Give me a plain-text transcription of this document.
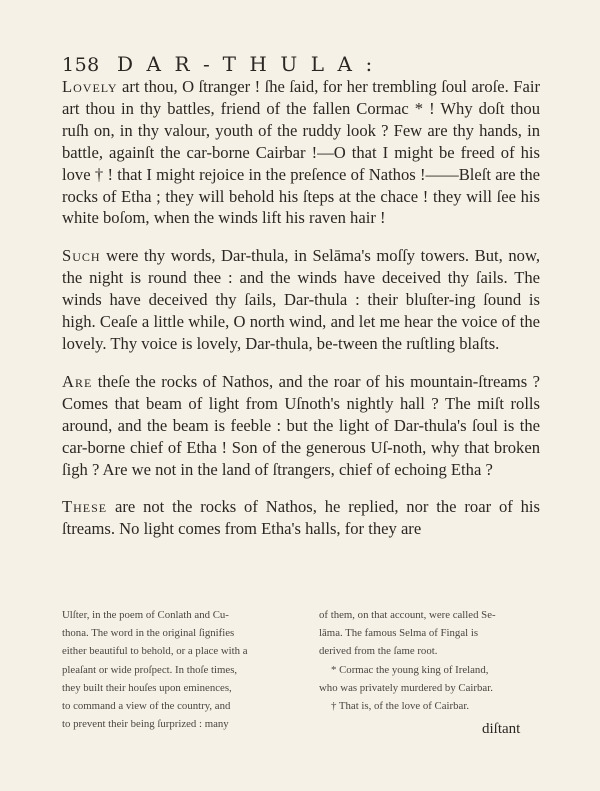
158 DAR-THULA:

Lovely art thou, O ſtranger ! ſhe ſaid, for her trembling ſoul aroſe. Fair art thou in thy battles, friend of the fallen Cormac * ! Why doſt thou ruſh on, in thy valour, youth of the ruddy look ? Few are thy hands, in battle, againſt the car-borne Cairbar !—O that I might be freed of his love † ! that I might rejoice in the preſence of Nathos !——Bleſt are the rocks of Etha ; they will behold his ſteps at the chace ! they will ſee his white boſom, when the winds lift his raven hair !

Such were thy words, Dar-thula, in Selāma's moſſy towers. But, now, the night is round thee : and the winds have deceived thy ſails. The winds have deceived thy ſails, Dar-thula : their bluſter-ing ſound is high. Ceaſe a little while, O north wind, and let me hear the voice of the lovely. Thy voice is lovely, Dar-thula, be-tween the ruſtling blaſts.

Are theſe the rocks of Nathos, and the roar of his mountain-ſtreams ? Comes that beam of light from Uſnoth's nightly hall ? The miſt rolls around, and the beam is feeble : but the light of Dar-thula's ſoul is the car-borne chief of Etha ! Son of the generous Uſ-noth, why that broken ſigh ? Are we not in the land of ſtrangers, chief of echoing Etha ?

These are not the rocks of Nathos, he replied, nor the roar of his ſtreams. No light comes from Etha's halls, for they are

Ulſter, in the poem of Conlath and Cu-
thona. The word in the original ſignifies
either beautiful to behold, or a place with a
pleaſant or wide proſpect. In thoſe times,
they built their houſes upon eminences,
to command a view of the country, and
to prevent their being ſurprized : many
of them, on that account, were called Se-
lāma. The famous Selma of Fingal is
derived from the ſame root.
* Cormac the young king of Ireland,
who was privately murdered by Cairbar.
† That is, of the love of Cairbar.
diſtant
